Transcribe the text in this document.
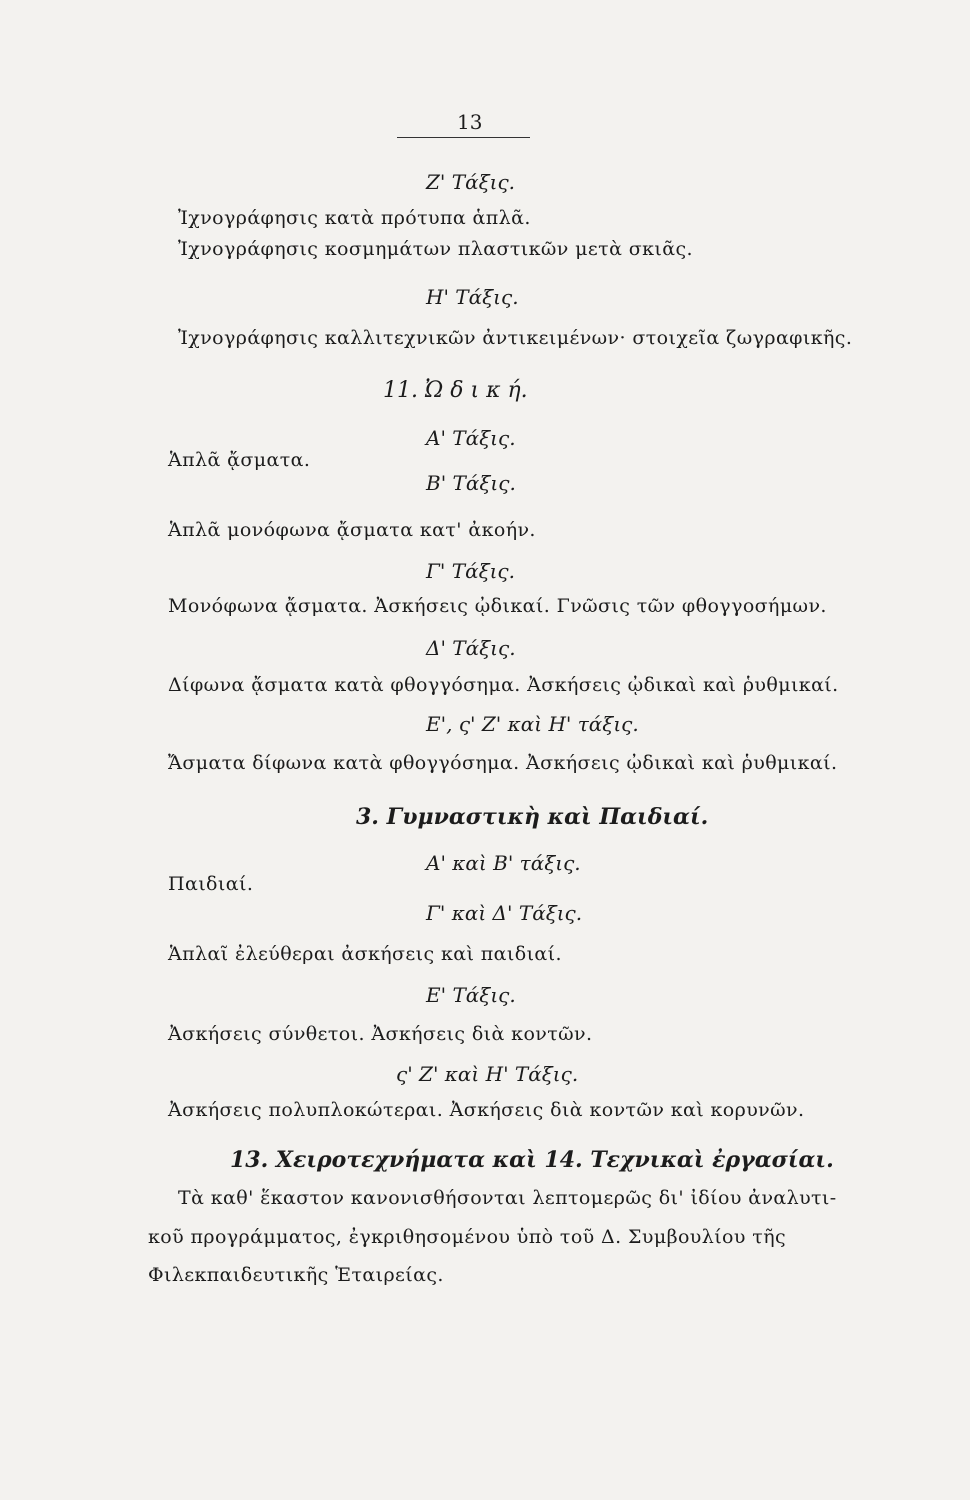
13
Ζ' Τάξις.
Ἰχνογράφησις κατὰ πρότυπα ἁπλᾶ.
Ἰχνογράφησις κοσμημάτων πλαστικῶν μετὰ σκιᾶς.
Η' Τάξις.
Ἰχνογράφησις καλλιτεχνικῶν ἀντικειμένων· στοιχεῖα ζωγραφικῆς.
11. Ὠ δ ι κ ή.
Α' Τάξις.
Ἁπλᾶ ᾄσματα.
Β' Τάξις.
Ἁπλᾶ μονόφωνα ᾄσματα κατ' ἀκοήν.
Γ' Τάξις.
Μονόφωνα ᾄσματα. Ἀσκήσεις ᾠδικαί. Γνῶσις τῶν φθογγοσήμων.
Δ' Τάξις.
Δίφωνα ᾄσματα κατὰ φθογγόσημα. Ἀσκήσεις ᾠδικαὶ καὶ ῥυθμικαί.
Ε', ς' Ζ' καὶ Η' τάξις.
Ἄσματα δίφωνα κατὰ φθογγόσημα. Ἀσκήσεις ᾠδικαὶ καὶ ῥυθμικαί.
3. Γυμναστικὴ καὶ Παιδιαί.
Α' καὶ Β' τάξις.
Παιδιαί.
Γ' καὶ Δ' Τάξις.
Ἁπλαῖ ἐλεύθεραι ἀσκήσεις καὶ παιδιαί.
Ε' Τάξις.
Ἀσκήσεις σύνθετοι. Ἀσκήσεις διὰ κοντῶν.
ς' Ζ' καὶ Η' Τάξις.
Ἀσκήσεις πολυπλοκώτεραι. Ἀσκήσεις διὰ κοντῶν καὶ κορυνῶν.
13. Χειροτεχνήματα καὶ 14. Τεχνικαὶ ἐργασίαι.
Τὰ καθ' ἕκαστον κανονισθήσονται λεπτομερῶς δι' ἰδίου ἀναλυτι-
κοῦ προγράμματος, ἐγκριθησομένου ὑπὸ τοῦ Δ. Συμβουλίου τῆς
Φιλεκπαιδευτικῆς Ἑταιρείας.
